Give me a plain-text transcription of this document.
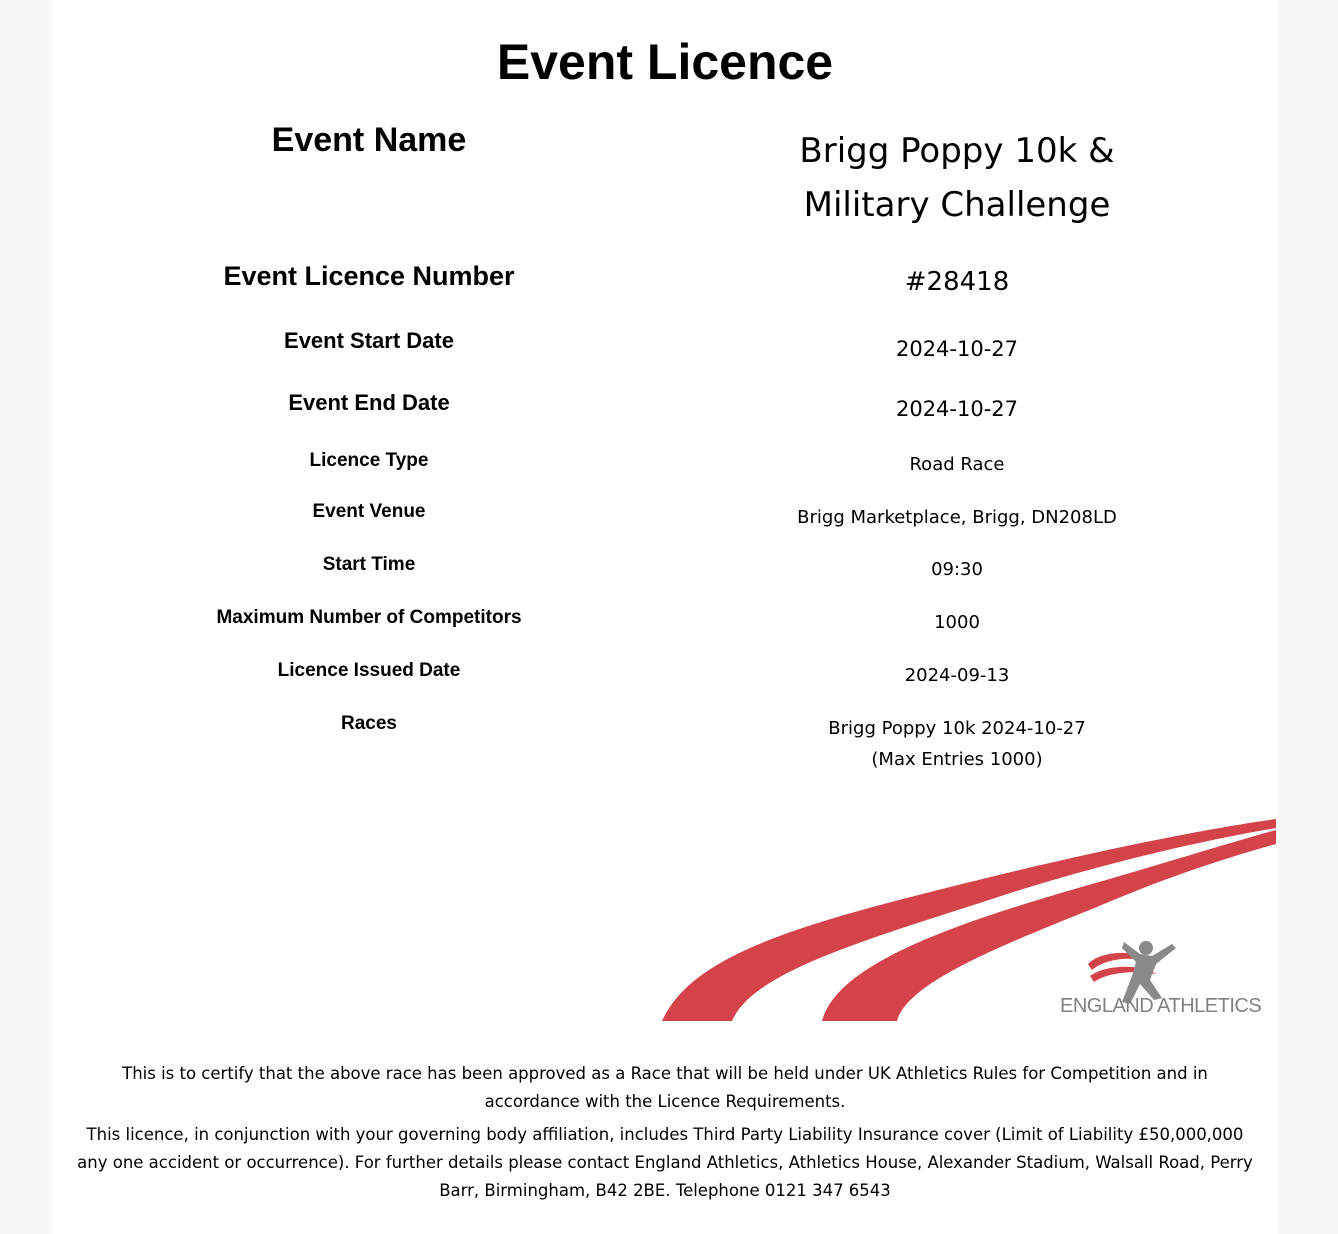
Event Licence
Event Name	Brigg Poppy 10k & Military Challenge
Event Licence Number	#28418
Event Start Date	2024-10-27
Event End Date	2024-10-27
Licence Type	Road Race
Event Venue	Brigg Marketplace, Brigg, DN208LD
Start Time	09:30
Maximum Number of Competitors	1000
Licence Issued Date	2024-09-13
Races	Brigg Poppy 10k 2024-10-27
(Max Entries 1000)
ENGLAND ATHLETICS

This is to certify that the above race has been approved as a Race that will be held under UK Athletics Rules for Competition and in accordance with the Licence Requirements.

This licence, in conjunction with your governing body affiliation, includes Third Party Liability Insurance cover (Limit of Liability £50,000,000 any one accident or occurrence). For further details please contact England Athletics, Athletics House, Alexander Stadium, Walsall Road, Perry Barr, Birmingham, B42 2BE. Telephone 0121 347 6543
